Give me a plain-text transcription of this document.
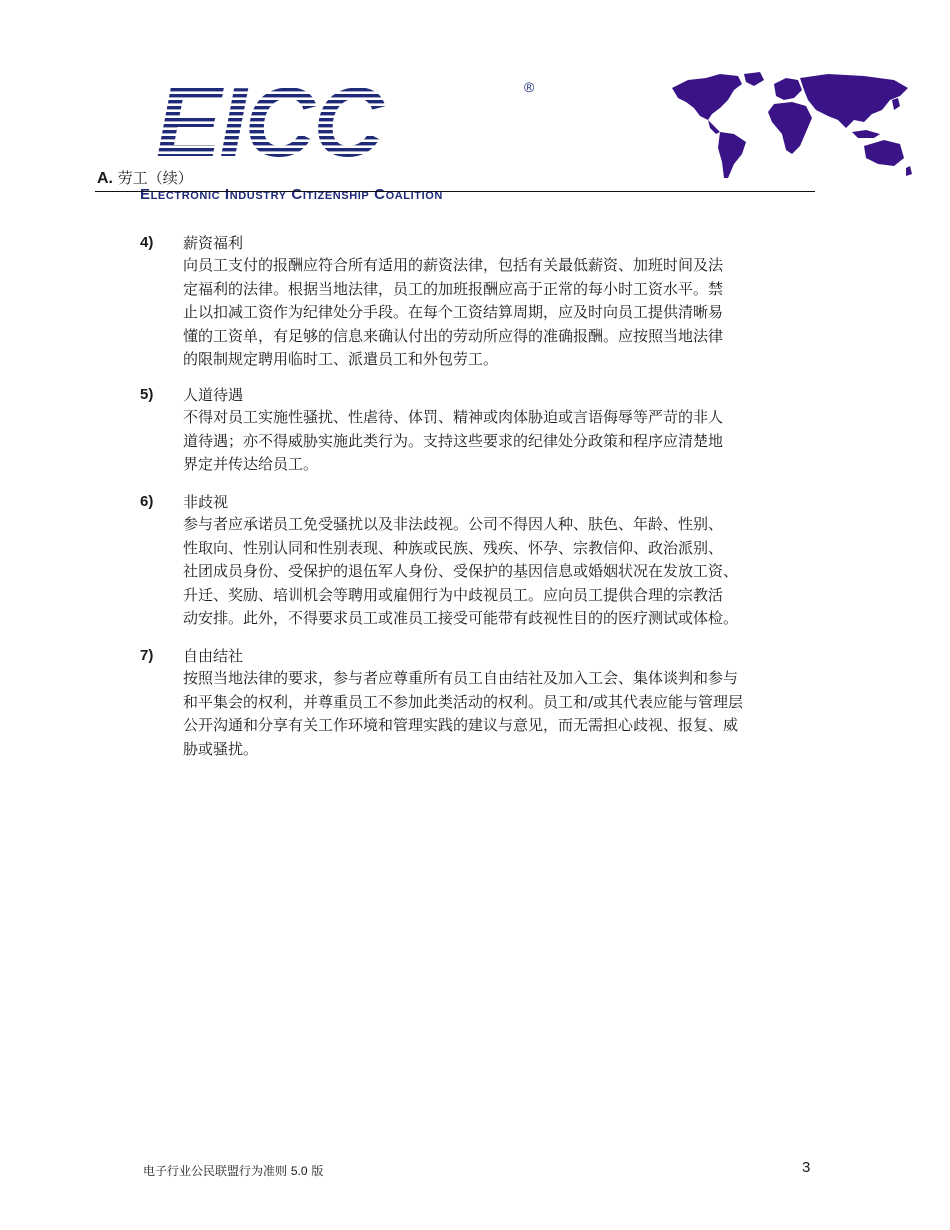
EICC	®
Electronic Industry Citizenship Coalition
A. 劳工（续）
4) 薪资福利
向员工支付的报酬应符合所有适用的薪资法律，包括有关最低薪资、加班时间及法
定福利的法律。根据当地法律，员工的加班报酬应高于正常的每小时工资水平。禁
止以扣减工资作为纪律处分手段。在每个工资结算周期，应及时向员工提供清晰易
懂的工资单，有足够的信息来确认付出的劳动所应得的准确报酬。应按照当地法律
的限制规定聘用临时工、派遣员工和外包劳工。
5) 人道待遇
不得对员工实施性骚扰、性虐待、体罚、精神或肉体胁迫或言语侮辱等严苛的非人
道待遇；亦不得威胁实施此类行为。支持这些要求的纪律处分政策和程序应清楚地
界定并传达给员工。
6) 非歧视
参与者应承诺员工免受骚扰以及非法歧视。公司不得因人种、肤色、年龄、性别、
性取向、性别认同和性别表现、种族或民族、残疾、怀孕、宗教信仰、政治派别、
社团成员身份、受保护的退伍军人身份、受保护的基因信息或婚姻状况在发放工资、
升迁、奖励、培训机会等聘用或雇佣行为中歧视员工。应向员工提供合理的宗教活
动安排。此外，不得要求员工或准员工接受可能带有歧视性目的的医疗测试或体检。
7) 自由结社
按照当地法律的要求，参与者应尊重所有员工自由结社及加入工会、集体谈判和参与
和平集会的权利，并尊重员工不参加此类活动的权利。员工和/或其代表应能与管理层
公开沟通和分享有关工作环境和管理实践的建议与意见，而无需担心歧视、报复、威
胁或骚扰。
电子行业公民联盟行为准则 5.0 版	3
